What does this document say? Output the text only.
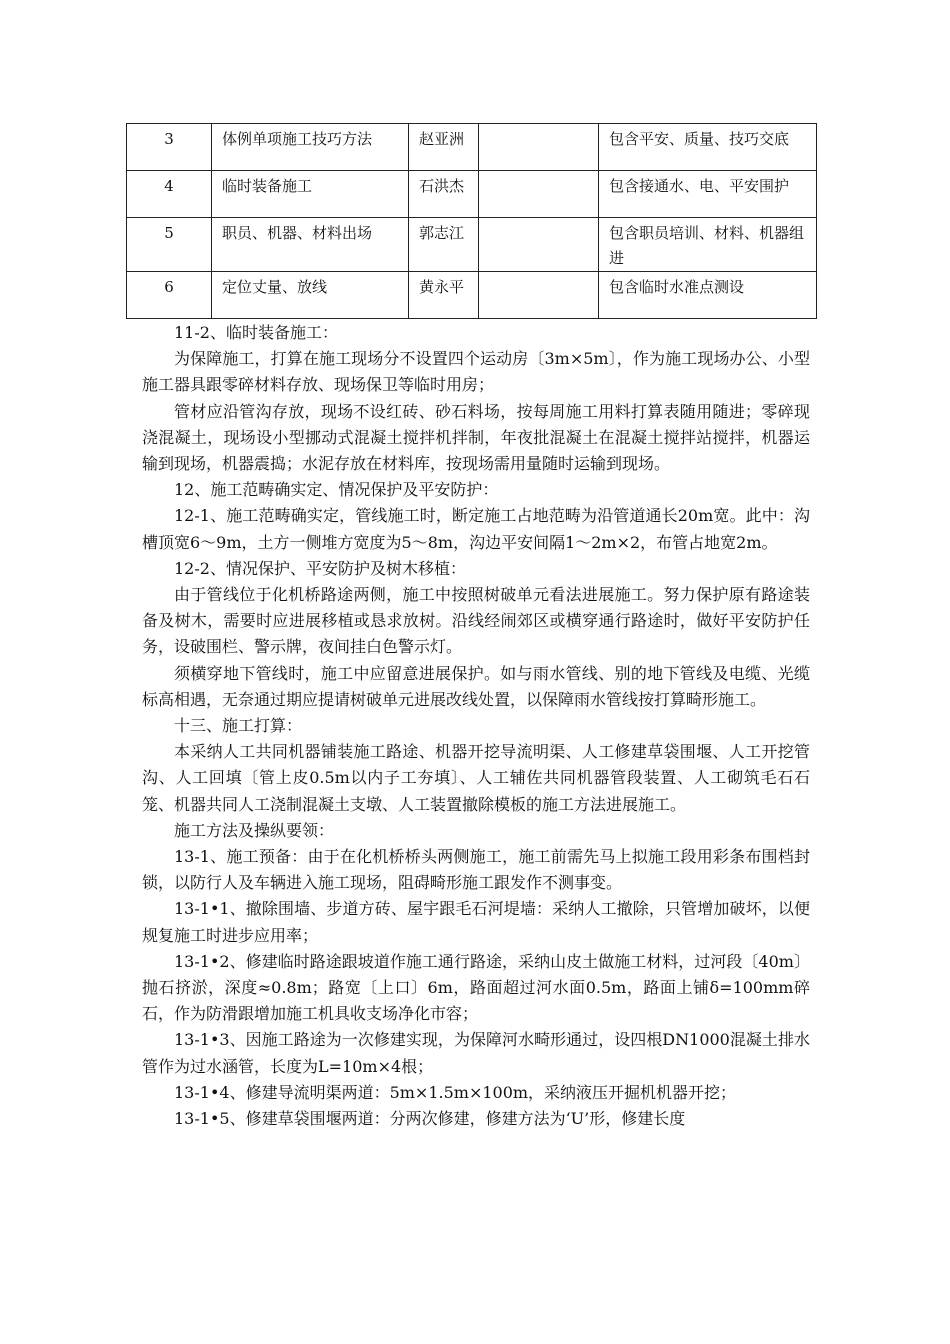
3	体例单项施工技巧方法	赵亚洲		包含平安、质量、技巧交底
4	临时装备施工	石洪杰		包含接通水、电、平安围护
5	职员、机器、材料出场	郭志江		包含职员培训、材料、机器组进
6	定位丈量、放线	黄永平		包含临时水准点测设

11-2、临时装备施工：

为保障施工，打算在施工现场分不设置四个运动房〔3m×5m〕，作为施工现场办公、小型施工器具跟零碎材料存放、现场保卫等临时用房；

管材应沿管沟存放，现场不设红砖、砂石料场，按每周施工用料打算表随用随进；零碎现浇混凝土，现场设小型挪动式混凝土搅拌机拌制，年夜批混凝土在混凝土搅拌站搅拌，机器运输到现场，机器震捣；水泥存放在材料库，按现场需用量随时运输到现场。

12、施工范畴确实定、情况保护及平安防护：

12-1、施工范畴确实定，管线施工时，断定施工占地范畴为沿管道通长20m宽。此中：沟槽顶宽6～9m，土方一侧堆方宽度为5～8m，沟边平安间隔1～2m×2，布管占地宽2m。

12-2、情况保护、平安防护及树木移植：

由于管线位于化机桥路途两侧，施工中按照树破单元看法进展施工。努力保护原有路途装备及树木，需要时应进展移植或恳求放树。沿线经闹郊区或横穿通行路途时，做好平安防护任务，设破围栏、警示牌，夜间挂白色警示灯。

须横穿地下管线时，施工中应留意进展保护。如与雨水管线、别的地下管线及电缆、光缆标高相遇，无奈通过期应提请树破单元进展改线处置，以保障雨水管线按打算畸形施工。

十三、施工打算：

本采纳人工共同机器铺装施工路途、机器开挖导流明渠、人工修建草袋围堰、人工开挖管沟、人工回填〔管上皮0.5m以内子工夯填〕、人工辅佐共同机器管段装置、人工砌筑毛石石笼、机器共同人工浇制混凝土支墩、人工装置撤除模板的施工方法进展施工。

施工方法及操纵要领：

13-1、施工预备：由于在化机桥桥头两侧施工，施工前需先马上拟施工段用彩条布围档封锁，以防行人及车辆进入施工现场，阻碍畸形施工跟发作不测事变。

13-1•1、撤除围墙、步道方砖、屋宇跟毛石河堤墙：采纳人工撤除，只管增加破坏，以便规复施工时进步应用率；

13-1•2、修建临时路途跟坡道作施工通行路途，采纳山皮土做施工材料，过河段〔40m〕抛石挤淤，深度≈0.8m；路宽〔上口〕6m，路面超过河水面0.5m，路面上铺δ=100mm碎石，作为防滑跟增加施工机具收支场净化市容；

13-1•3、因施工路途为一次修建实现，为保障河水畸形通过，设四根DN1000混凝土排水管作为过水涵管，长度为L=10m×4根；

13-1•4、修建导流明渠两道：5m×1.5m×100m，采纳液压开掘机机器开挖；

13-1•5、修建草袋围堰两道：分两次修建，修建方法为‘U’形，修建长度
